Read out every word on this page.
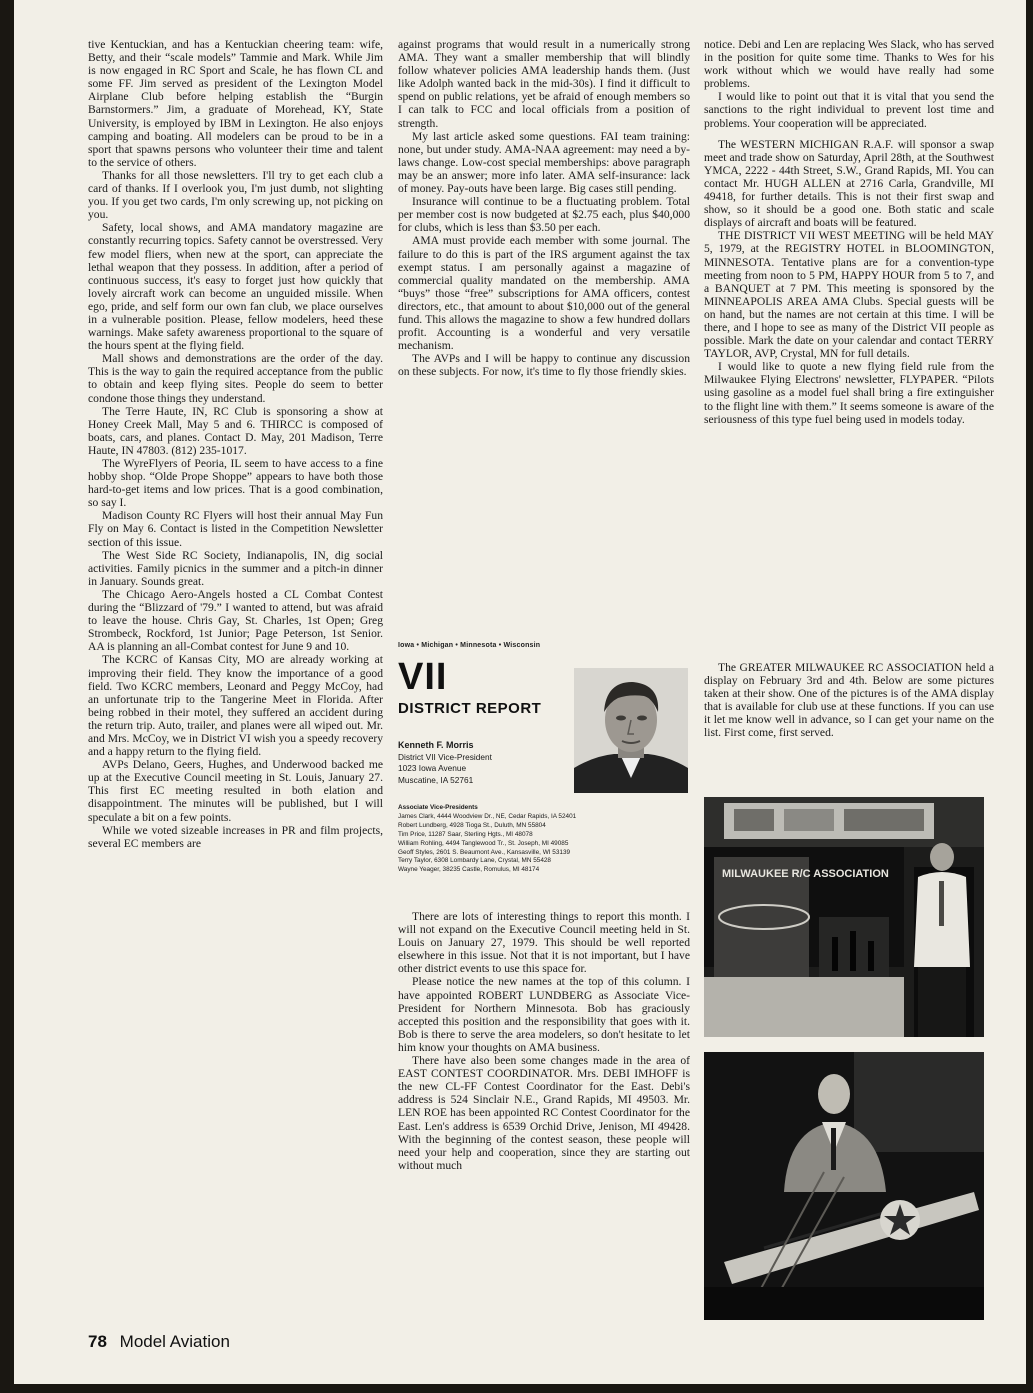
tive Kentuckian, and has a Kentuckian cheering team: wife, Betty, and their “scale models” Tammie and Mark. While Jim is now engaged in RC Sport and Scale, he has flown CL and some FF. Jim served as president of the Lexington Model Airplane Club before helping establish the “Burgin Barnstormers.” Jim, a graduate of Morehead, KY, State University, is employed by IBM in Lexington. He also enjoys camping and boating. All modelers can be proud to be in a sport that spawns persons who volunteer their time and talent to the service of others.

Thanks for all those newsletters. I'll try to get each club a card of thanks. If I overlook you, I'm just dumb, not slighting you. If you get two cards, I'm only screwing up, not picking on you.

Safety, local shows, and AMA mandatory magazine are constantly recurring topics. Safety cannot be overstressed. Very few model fliers, when new at the sport, can appreciate the lethal weapon that they possess. In addition, after a period of continuous success, it's easy to forget just how quickly that lovely aircraft work can become an unguided missile. When ego, pride, and self form our own fan club, we place ourselves in a vulnerable position. Please, fellow modelers, heed these warnings. Make safety awareness proportional to the square of the hours spent at the flying field.

Mall shows and demonstrations are the order of the day. This is the way to gain the required acceptance from the public to obtain and keep flying sites. People do seem to better condone those things they understand.

The Terre Haute, IN, RC Club is sponsoring a show at Honey Creek Mall, May 5 and 6. THIRCC is composed of boats, cars, and planes. Contact D. May, 201 Madison, Terre Haute, IN 47803. (812) 235-1017.

The WyreFlyers of Peoria, IL seem to have access to a fine hobby shop. “Olde Prope Shoppe” appears to have both those hard-to-get items and low prices. That is a good combination, so say I.

Madison County RC Flyers will host their annual May Fun Fly on May 6. Contact is listed in the Competition Newsletter section of this issue.

The West Side RC Society, Indianapolis, IN, dig social activities. Family picnics in the summer and a pitch-in dinner in January. Sounds great.

The Chicago Aero-Angels hosted a CL Combat Contest during the “Blizzard of '79.” I wanted to attend, but was afraid to leave the house. Chris Gay, St. Charles, 1st Open; Greg Strombeck, Rockford, 1st Junior; Page Peterson, 1st Senior. AA is planning an all-Combat contest for June 9 and 10.

The KCRC of Kansas City, MO are already working at improving their field. They know the importance of a good field. Two KCRC members, Leonard and Peggy McCoy, had an unfortunate trip to the Tangerine Meet in Florida. After being robbed in their motel, they suffered an accident during the return trip. Auto, trailer, and planes were all wiped out. Mr. and Mrs. McCoy, we in District VI wish you a speedy recovery and a happy return to the flying field.

AVPs Delano, Geers, Hughes, and Underwood backed me up at the Executive Council meeting in St. Louis, January 27. This first EC meeting resulted in both elation and disappointment. The minutes will be published, but I will speculate a bit on a few points.

While we voted sizeable increases in PR and film projects, several EC members are

against programs that would result in a numerically strong AMA. They want a smaller membership that will blindly follow whatever policies AMA leadership hands them. (Just like Adolph wanted back in the mid-30s). I find it difficult to spend on public relations, yet be afraid of enough members so I can talk to FCC and local officials from a position of strength.

My last article asked some questions. FAI team training: none, but under study. AMA-NAA agreement: may need a by-laws change. Low-cost special memberships: above paragraph may be an answer; more info later. AMA self-insurance: lack of money. Pay-outs have been large. Big cases still pending.

Insurance will continue to be a fluctuating problem. Total per member cost is now budgeted at $2.75 each, plus $40,000 for clubs, which is less than $3.50 per each.

AMA must provide each member with some journal. The failure to do this is part of the IRS argument against the tax exempt status. I am personally against a magazine of commercial quality mandated on the membership. AMA “buys” those “free” subscriptions for AMA officers, contest directors, etc., that amount to about $10,000 out of the general fund. This allows the magazine to show a few hundred dollars profit. Accounting is a wonderful and very versatile mechanism.

The AVPs and I will be happy to continue any discussion on these subjects. For now, it's time to fly those friendly skies.

Iowa • Michigan • Minnesota • Wisconsin
VII
DISTRICT REPORT
Kenneth F. Morris
District VII Vice-President
1023 Iowa Avenue
Muscatine, IA 52761
Associate Vice-Presidents
James Clark, 4444 Woodview Dr., NE, Cedar Rapids, IA 52401
Robert Lundberg, 4928 Tioga St., Duluth, MN 55804
Tim Price, 11287 Saar, Sterling Hgts., MI 48078
William Rohling, 4494 Tanglewood Tr., St. Joseph, MI 49085
Geoff Styles, 2601 S. Beaumont Ave., Kansasville, WI 53139
Terry Taylor, 6308 Lombardy Lane, Crystal, MN 55428
Wayne Yeager, 38235 Castle, Romulus, MI 48174

There are lots of interesting things to report this month. I will not expand on the Executive Council meeting held in St. Louis on January 27, 1979. This should be well reported elsewhere in this issue. Not that it is not important, but I have other district events to use this space for.

Please notice the new names at the top of this column. I have appointed ROBERT LUNDBERG as Associate Vice-President for Northern Minnesota. Bob has graciously accepted this position and the responsibility that goes with it. Bob is there to serve the area modelers, so don't hesitate to let him know your thoughts on AMA business.

There have also been some changes made in the area of EAST CONTEST COORDINATOR. Mrs. DEBI IMHOFF is the new CL-FF Contest Coordinator for the East. Debi's address is 524 Sinclair N.E., Grand Rapids, MI 49503. Mr. LEN ROE has been appointed RC Contest Coordinator for the East. Len's address is 6539 Orchid Drive, Jenison, MI 49428. With the beginning of the contest season, these people will need your help and cooperation, since they are starting out without much

notice. Debi and Len are replacing Wes Slack, who has served in the position for quite some time. Thanks to Wes for his work without which we would have really had some problems.

I would like to point out that it is vital that you send the sanctions to the right individual to prevent lost time and problems. Your cooperation will be appreciated.

The WESTERN MICHIGAN R.A.F. will sponsor a swap meet and trade show on Saturday, April 28th, at the Southwest YMCA, 2222 - 44th Street, S.W., Grand Rapids, MI. You can contact Mr. HUGH ALLEN at 2716 Carla, Grandville, MI 49418, for further details. This is not their first swap and show, so it should be a good one. Both static and scale displays of aircraft and boats will be featured.

THE DISTRICT VII WEST MEETING will be held MAY 5, 1979, at the REGISTRY HOTEL in BLOOMINGTON, MINNESOTA. Tentative plans are for a convention-type meeting from noon to 5 PM, HAPPY HOUR from 5 to 7, and a BANQUET at 7 PM. This meeting is sponsored by the MINNEAPOLIS AREA AMA Clubs. Special guests will be on hand, but the names are not certain at this time. I will be there, and I hope to see as many of the District VII people as possible. Mark the date on your calendar and contact TERRY TAYLOR, AVP, Crystal, MN for full details.

I would like to quote a new flying field rule from the Milwaukee Flying Electrons' newsletter, FLYPAPER. “Pilots using gasoline as a model fuel shall bring a fire extinguisher to the flight line with them.” It seems someone is aware of the seriousness of this type fuel being used in models today.

The GREATER MILWAUKEE RC ASSOCIATION held a display on February 3rd and 4th. Below are some pictures taken at their show. One of the pictures is of the AMA display that is available for club use at these functions. If you can use it let me know well in advance, so I can get your name on the list. First come, first served.

MILWAUKEE R/C ASSOCIATION
78 Model Aviation
